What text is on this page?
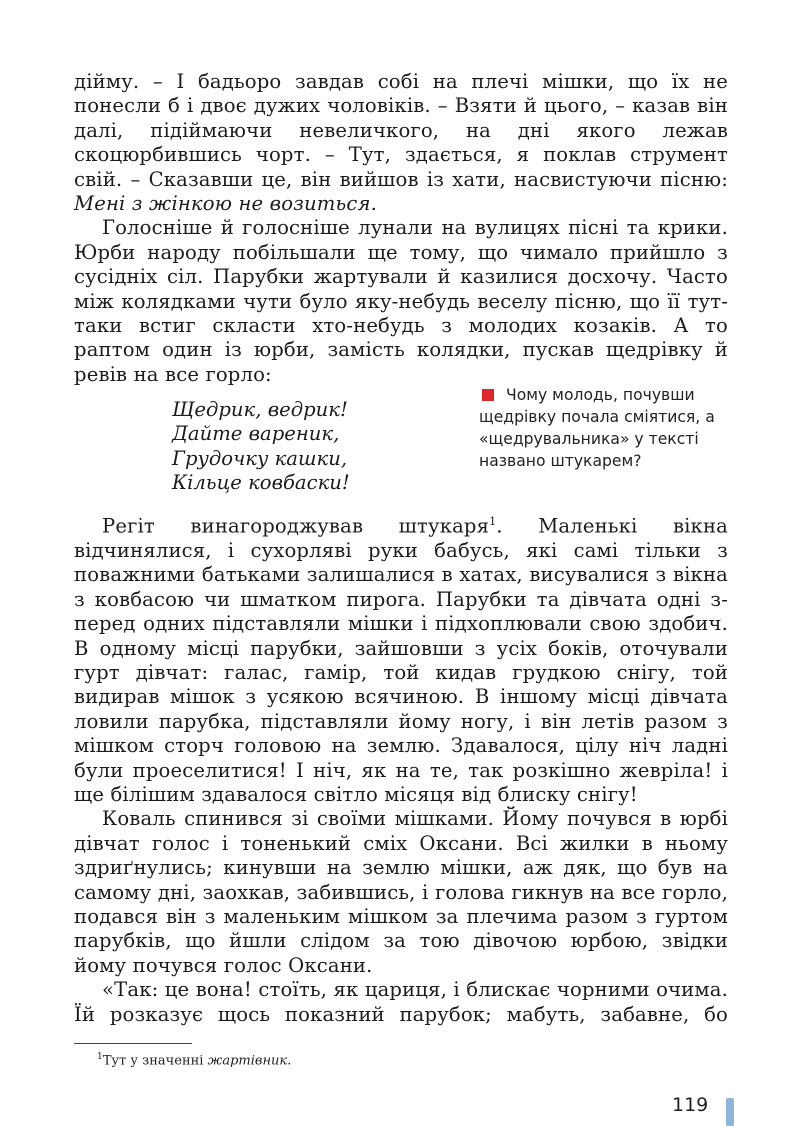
дійму. – І бадьоро завдав собі на плечі мішки, що їх не понесли б і двоє дужих чоловіків. – Взяти й цього, – казав він далі, підіймаючи невеличкого, на дні якого лежав скоцюрбившись чорт. – Тут, здається, я поклав струмент свій. – Сказавши це, він вийшов із хати, насвистуючи пісню: Мені з жінкою не возиться.

Голосніше й голосніше лунали на вулицях пісні та крики. Юрби народу побільшали ще тому, що чимало прийшло з сусідніх сіл. Парубки жартували й казилися досхочу. Часто між колядками чути було яку-небудь веселу пісню, що її тут-таки встиг скласти хто-небудь з молодих козаків. А то раптом один із юрби, замість колядки, пускав щедрівку й ревів на все горло:

Щедрик, ведрик!
Дайте вареник,
Грудочку кашки,
Кільце ковбаски!
Чому молодь, почувши щедрівку почала сміятися, а «щедрувальника» у тексті названо штукарем?

Регіт винагороджував штукаря$^1$. Маленькі вікна відчинялися, і сухорляві руки бабусь, які самі тільки з поважними батьками залишалися в хатах, висувалися з вікна з ковбасою чи шматком пирога. Парубки та дівчата одні з-перед одних підставляли мішки і підхоплювали свою здобич. В одному місці парубки, зайшовши з усіх боків, оточували гурт дівчат: галас, гамір, той кидав грудкою снігу, той видирав мішок з усякою всячиною. В іншому місці дівчата ловили парубка, підставляли йому ногу, і він летів разом з мішком сторч головою на землю. Здавалося, цілу ніч ладні були проеселитися! І ніч, як на те, так розкішно жевріла! і ще білішим здавалося світло місяця від блиску снігу!

Коваль спинився зі своїми мішками. Йому почувся в юрбі дівчат голос і тоненький сміх Оксани. Всі жилки в ньому здриґнулись; кинувши на землю мішки, аж дяк, що був на самому дні, заохкав, забившись, і голова гикнув на все горло, подався він з маленьким мішком за плечима разом з гуртом парубків, що йшли слідом за тою дівочою юрбою, звідки йому почувся голос Оксани.

«Так: це вона! стоїть, як цариця, і блискає чорними очима. Їй розказує щось показний парубок; мабуть, забавне, бо

$^1$Тут у значенні жартівник.
119
